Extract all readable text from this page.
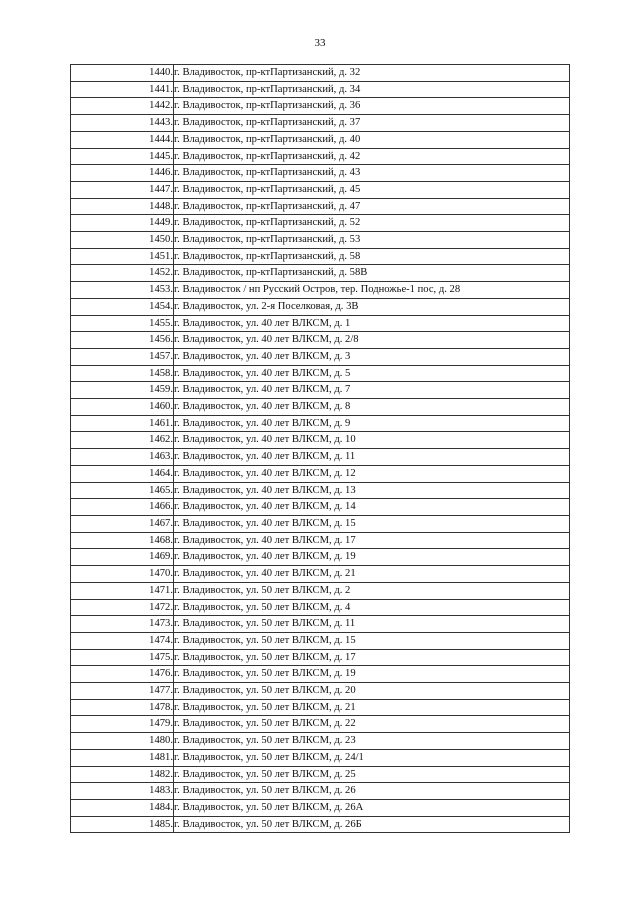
33
1440.	г. Владивосток, пр-ктПартизанский, д. 32
1441.	г. Владивосток, пр-ктПартизанский, д. 34
1442.	г. Владивосток, пр-ктПартизанский, д. 36
1443.	г. Владивосток, пр-ктПартизанский, д. 37
1444.	г. Владивосток, пр-ктПартизанский, д. 40
1445.	г. Владивосток, пр-ктПартизанский, д. 42
1446.	г. Владивосток, пр-ктПартизанский, д. 43
1447.	г. Владивосток, пр-ктПартизанский, д. 45
1448.	г. Владивосток, пр-ктПартизанский, д. 47
1449.	г. Владивосток, пр-ктПартизанский, д. 52
1450.	г. Владивосток, пр-ктПартизанский, д. 53
1451.	г. Владивосток, пр-ктПартизанский, д. 58
1452.	г. Владивосток, пр-ктПартизанский, д. 58В
1453.	г. Владивосток / нп Русский Остров, тер. Подножье-1 пос, д. 28
1454.	г. Владивосток, ул. 2-я Поселковая, д. 3В
1455.	г. Владивосток, ул. 40 лет ВЛКСМ, д. 1
1456.	г. Владивосток, ул. 40 лет ВЛКСМ, д. 2/8
1457.	г. Владивосток, ул. 40 лет ВЛКСМ, д. 3
1458.	г. Владивосток, ул. 40 лет ВЛКСМ, д. 5
1459.	г. Владивосток, ул. 40 лет ВЛКСМ, д. 7
1460.	г. Владивосток, ул. 40 лет ВЛКСМ, д. 8
1461.	г. Владивосток, ул. 40 лет ВЛКСМ, д. 9
1462.	г. Владивосток, ул. 40 лет ВЛКСМ, д. 10
1463.	г. Владивосток, ул. 40 лет ВЛКСМ, д. 11
1464.	г. Владивосток, ул. 40 лет ВЛКСМ, д. 12
1465.	г. Владивосток, ул. 40 лет ВЛКСМ, д. 13
1466.	г. Владивосток, ул. 40 лет ВЛКСМ, д. 14
1467.	г. Владивосток, ул. 40 лет ВЛКСМ, д. 15
1468.	г. Владивосток, ул. 40 лет ВЛКСМ, д. 17
1469.	г. Владивосток, ул. 40 лет ВЛКСМ, д. 19
1470.	г. Владивосток, ул. 40 лет ВЛКСМ, д. 21
1471.	г. Владивосток, ул. 50 лет ВЛКСМ, д. 2
1472.	г. Владивосток, ул. 50 лет ВЛКСМ, д. 4
1473.	г. Владивосток, ул. 50 лет ВЛКСМ, д. 11
1474.	г. Владивосток, ул. 50 лет ВЛКСМ, д. 15
1475.	г. Владивосток, ул. 50 лет ВЛКСМ, д. 17
1476.	г. Владивосток, ул. 50 лет ВЛКСМ, д. 19
1477.	г. Владивосток, ул. 50 лет ВЛКСМ, д. 20
1478.	г. Владивосток, ул. 50 лет ВЛКСМ, д. 21
1479.	г. Владивосток, ул. 50 лет ВЛКСМ, д. 22
1480.	г. Владивосток, ул. 50 лет ВЛКСМ, д. 23
1481.	г. Владивосток, ул. 50 лет ВЛКСМ, д. 24/1
1482.	г. Владивосток, ул. 50 лет ВЛКСМ, д. 25
1483.	г. Владивосток, ул. 50 лет ВЛКСМ, д. 26
1484.	г. Владивосток, ул. 50 лет ВЛКСМ, д. 26А
1485.	г. Владивосток, ул. 50 лет ВЛКСМ, д. 26Б
